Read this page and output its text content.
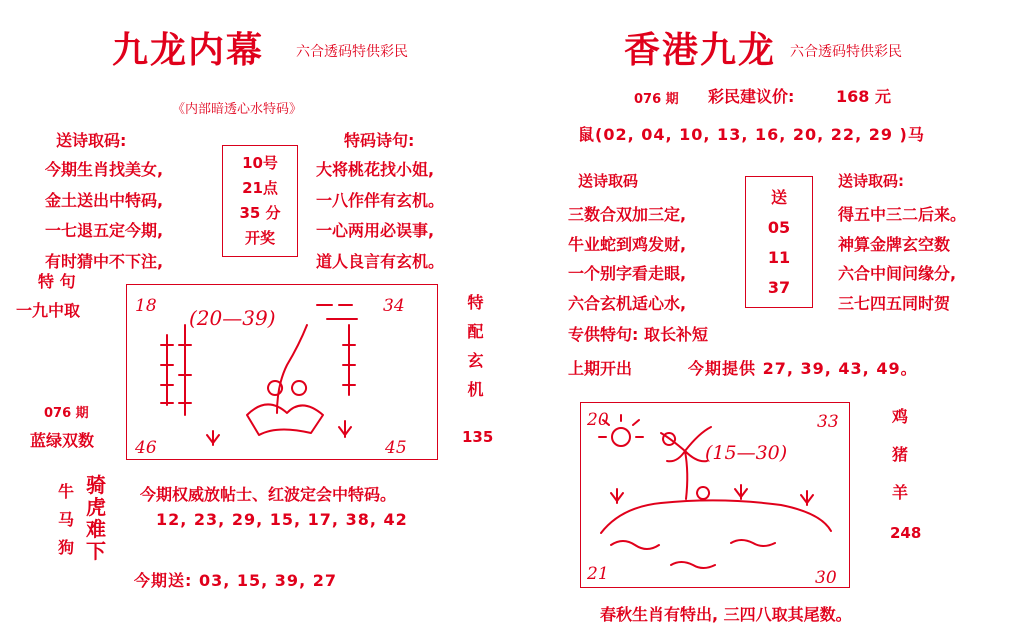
九龙内幕 六合透码特供彩民
《内部暗透心水特码》
送诗取码:	特码诗句:
今期生肖找美女,
金土送出中特码,
一七退五定今期,
有时猜中不下注,
10号
21点
35 分
开奖
大将桃花找小姐,
一八作伴有玄机。
一心两用必误事,
道人良言有玄机。
特 句
一九中取
076 期
蓝绿双数
18	34
46	45
(20—39)	特配玄机
135
牛
马
狗
骑虎难下
今期权威放帖士、红波定会中特码。
12, 23, 29, 15, 17, 38, 42
今期送: 03, 15, 39, 27
香港九龙 六合透码特供彩民
076 期 彩民建议价:	168 元
鼠(02, 04, 10, 13, 16, 20, 22, 29 )马
送诗取码	送诗取码:
三数合双加三定,
牛业蛇到鸡发财,
一个别字看走眼,
六合玄机适心水,
送
05
11
37
得五中三二后来。
神算金牌玄空数
六合中间问缘分,
三七四五同时贺
专供特句: 取长补短
上期开出	今期提供 27, 39, 43, 49。
20	33
21	30
(15—30)
鸡
猪
羊
248
春秋生肖有特出, 三四八取其尾数。
